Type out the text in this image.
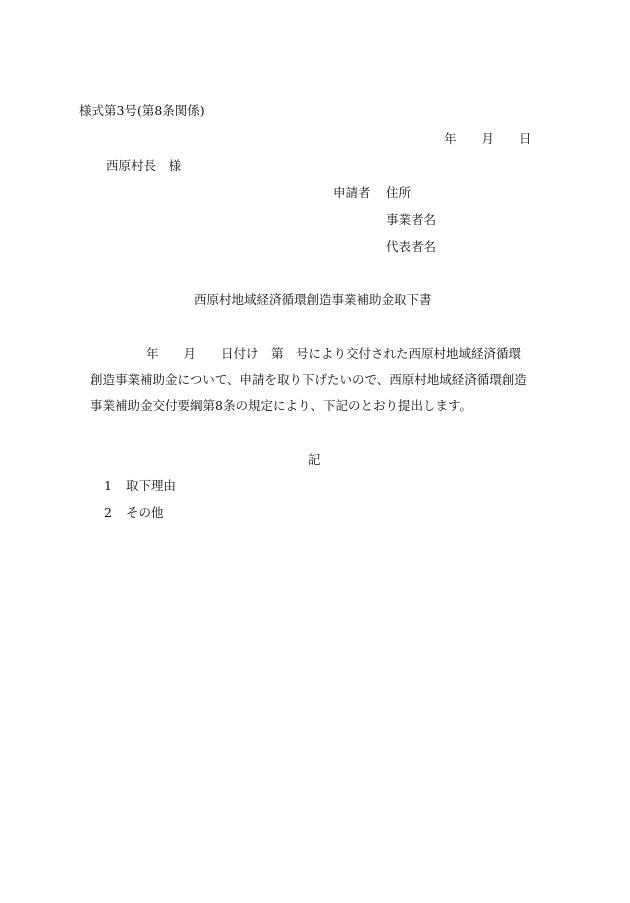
様式第3号(第8条関係)
年　　月　　日
西原村長　様
申請者 住所
事業者名
代表者名
西原村地域経済循環創造事業補助金取下書
年　　月　　日付け　第　号により交付された西原村地域経済循環
創造事業補助金について、申請を取り下げたいので、西原村地域経済循環創造
事業補助金交付要綱第8条の規定により、下記のとおり提出します。
記
1 取下理由
2 その他
